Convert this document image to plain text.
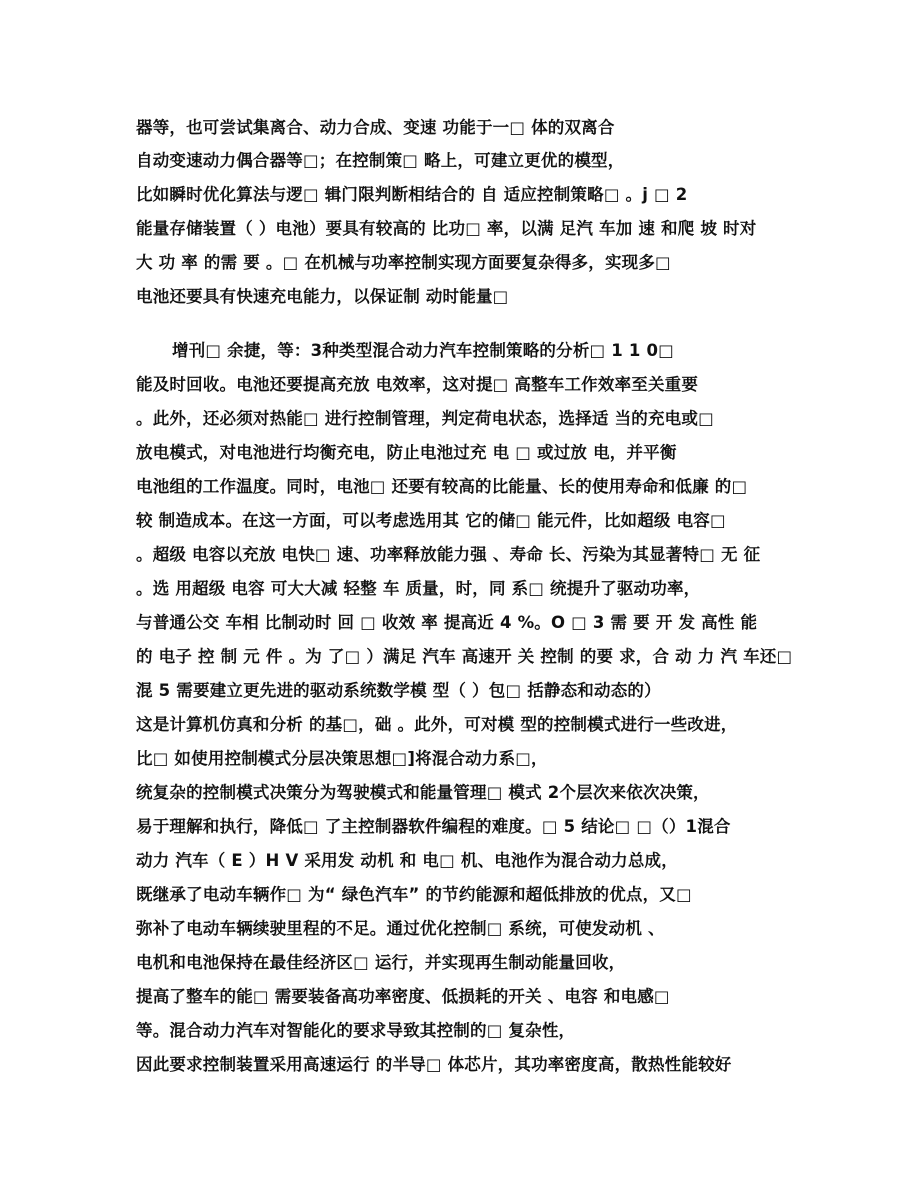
器等，也可尝试集离合、动力合成、变速 功能于一□ 体的双离合
自动变速动力偶合器等□；在控制策□ 略上，可建立更优的模型，
比如瞬时优化算法与逻□ 辑门限判断相结合的 自 适应控制策略□ 。j □ 2
能量存储装置（ ）电池）要具有较高的 比功□ 率，以满 足汽 车加 速 和爬 坡 时对
大 功 率 的需 要 。□ 在机械与功率控制实现方面要复杂得多，实现多□
电池还要具有快速充电能力，以保证制 动时能量□
增刊□ 余捷，等：3种类型混合动力汽车控制策略的分析□ 1 1 0□
能及时回收。电池还要提高充放 电效率，这对提□ 高整车工作效率至关重要
。此外，还必须对热能□ 进行控制管理，判定荷电状态，选择适 当的充电或□
放电模式，对电池进行均衡充电，防止电池过充 电 □ 或过放 电，并平衡
电池组的工作温度。同时，电池□ 还要有较高的比能量、长的使用寿命和低廉 的□
较 制造成本。在这一方面，可以考虑选用其 它的储□ 能元件，比如超级 电容□
。超级 电容以充放 电快□ 速、功率释放能力强 、寿命 长、污染为其显著特□ 无 征
。选 用超级 电容 可大大减 轻整 车 质量，时，同 系□ 统提升了驱动功率，
与普通公交 车相 比制动时 回 □ 收效 率 提高近 4 %。O □ 3 需 要 开 发 高性 能
的 电子 控 制 元 件 。为 了□ ）满足 汽车 高速开 关 控制 的要 求，合 动 力 汽 车还□
混 5 需要建立更先进的驱动系统数学模 型（ ）包□ 括静态和动态的）
这是计算机仿真和分析 的基□，础 。此外，可对模 型的控制模式进行一些改进，
比□ 如使用控制模式分层决策思想□]将混合动力系□，
统复杂的控制模式决策分为驾驶模式和能量管理□ 模式 2个层次来依次决策，
易于理解和执行，降低□ 了主控制器软件编程的难度。□ 5 结论□ □（）1混合
动力 汽车（ E ）H V 采用发 动机 和 电□ 机、电池作为混合动力总成，
既继承了电动车辆作□ 为“ 绿色汽车” 的节约能源和超低排放的优点，又□
弥补了电动车辆续驶里程的不足。通过优化控制□ 系统，可使发动机 、
电机和电池保持在最佳经济区□ 运行，并实现再生制动能量回收，
提高了整车的能□ 需要装备高功率密度、低损耗的开关 、电容 和电感□
等。混合动力汽车对智能化的要求导致其控制的□ 复杂性，
因此要求控制装置采用高速运行 的半导□ 体芯片，其功率密度高，散热性能较好
